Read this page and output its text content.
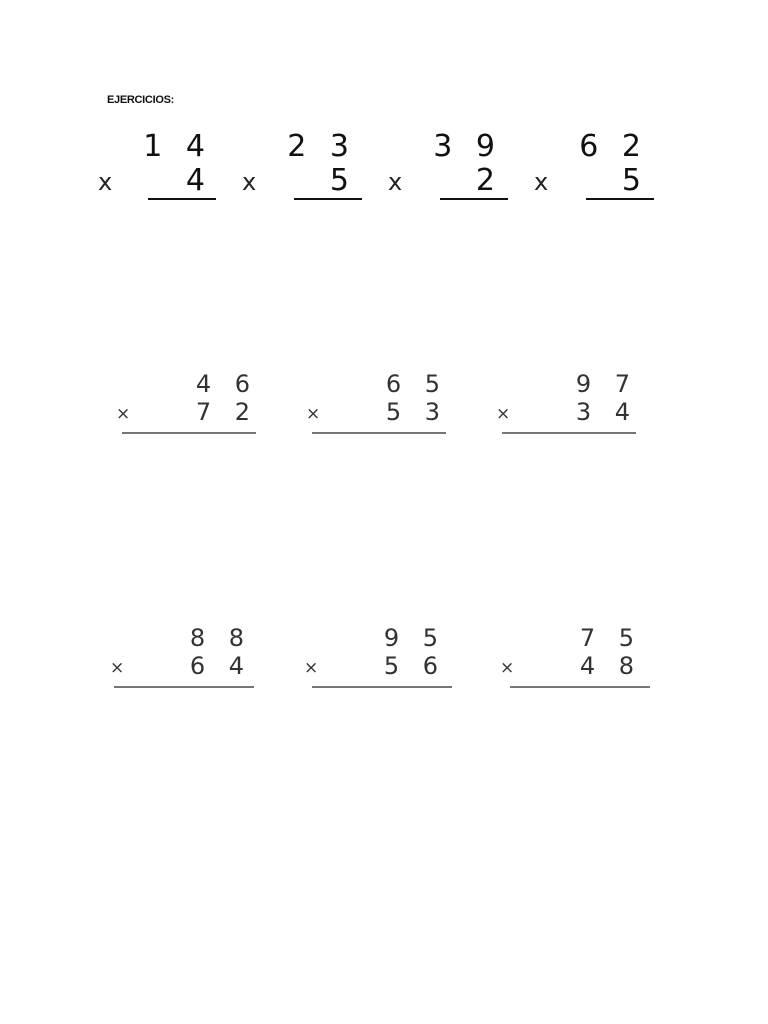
EJERCICIOS:
1 4
x	4
2 3
x	5
3 9
x	2
6 2
x	5
4 6
×	7 2
6 5
×	5 3
9 7
×	3 4
8 8
×	6 4
9 5
×	5 6
7 5
×	4 8
